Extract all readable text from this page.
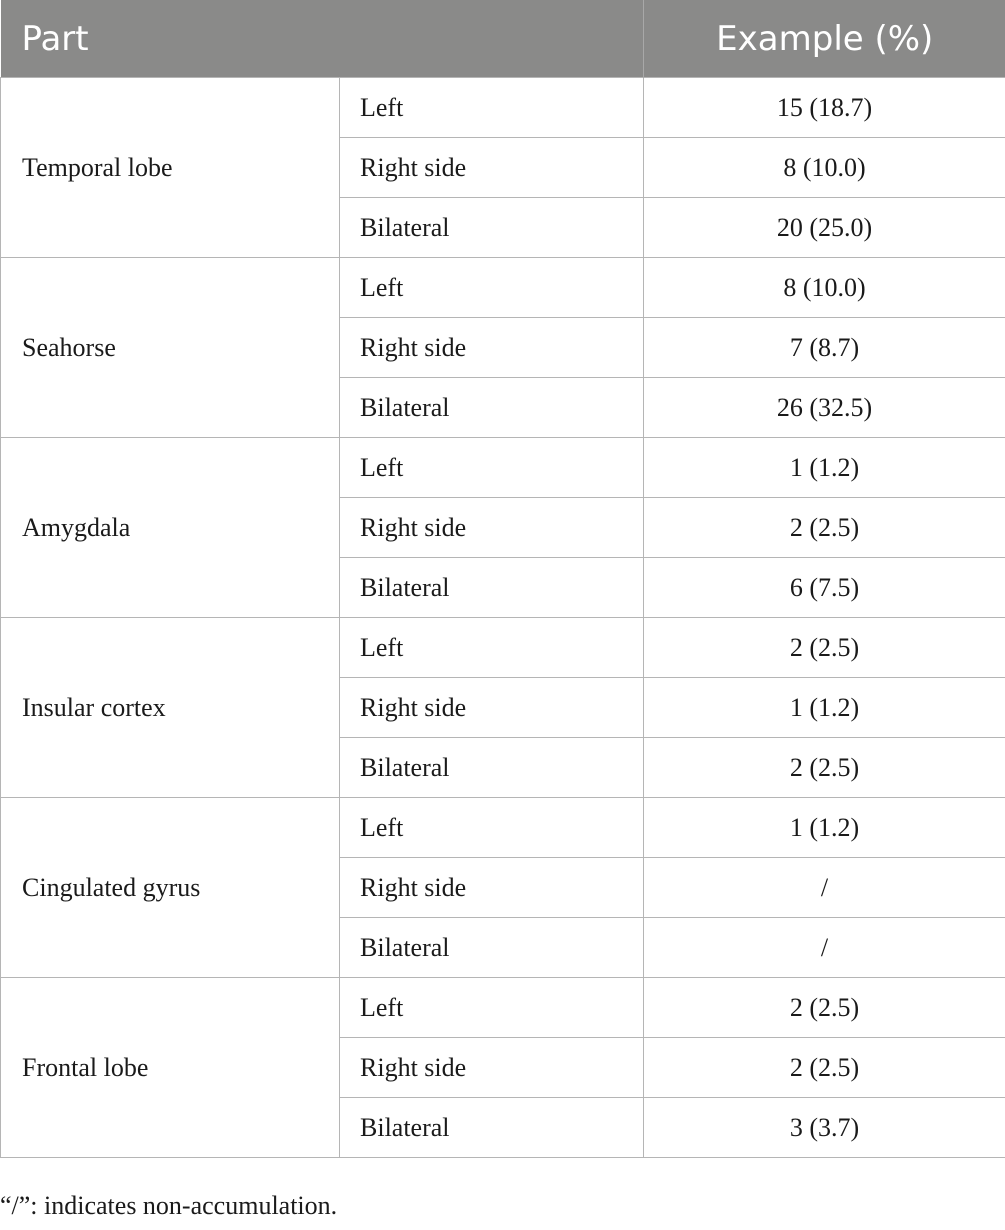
Part		Example (%)
Temporal lobe	Left	15 (18.7)
	Right side	8 (10.0)
	Bilateral	20 (25.0)
Seahorse	Left	8 (10.0)
	Right side	7 (8.7)
	Bilateral	26 (32.5)
Amygdala	Left	1 (1.2)
	Right side	2 (2.5)
	Bilateral	6 (7.5)
Insular cortex	Left	2 (2.5)
	Right side	1 (1.2)
	Bilateral	2 (2.5)
Cingulated gyrus	Left	1 (1.2)
	Right side	/
	Bilateral	/
Frontal lobe	Left	2 (2.5)
	Right side	2 (2.5)
	Bilateral	3 (3.7)
“/”: indicates non-accumulation.
